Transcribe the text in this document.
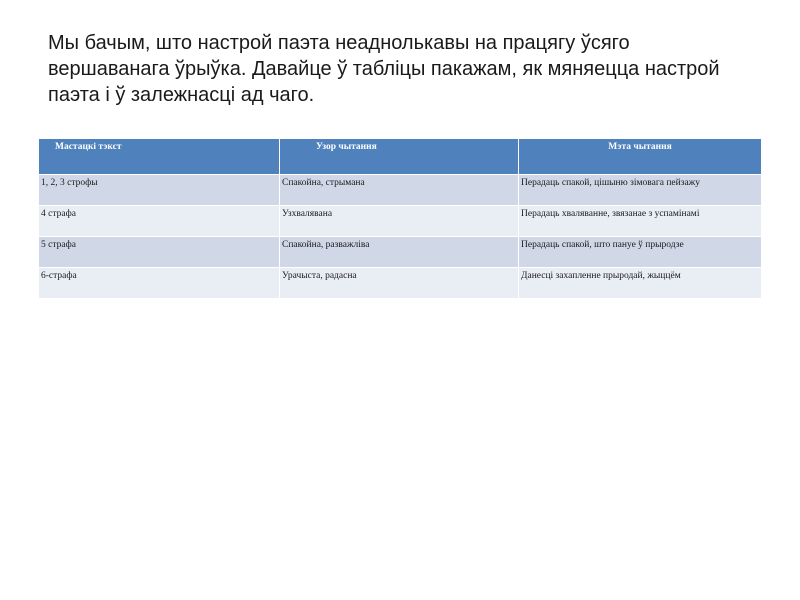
Мы бачым, што настрой паэта неаднолькавы на працягу ўсяго вершаванага ўрыўка. Давайце ў табліцы пакажам, як мяняецца настрой паэта і ў залежнасці ад чаго.

Мастацкі тэкст	Узор чытання	Мэта чытання
1, 2, 3 строфы	Спакойна, стрымана	Перадаць спакой, цішыню зімовага пейзажу
4 страфа	Узхвалявана	Перадаць хваляванне, звязанае з успамінамі
5 страфа	Спакойна, разважліва	Перадаць спакой, што пануе ў прыродзе
6-страфа	Урачыста, радасна	Данесці захапленне прыродай, жыццём
